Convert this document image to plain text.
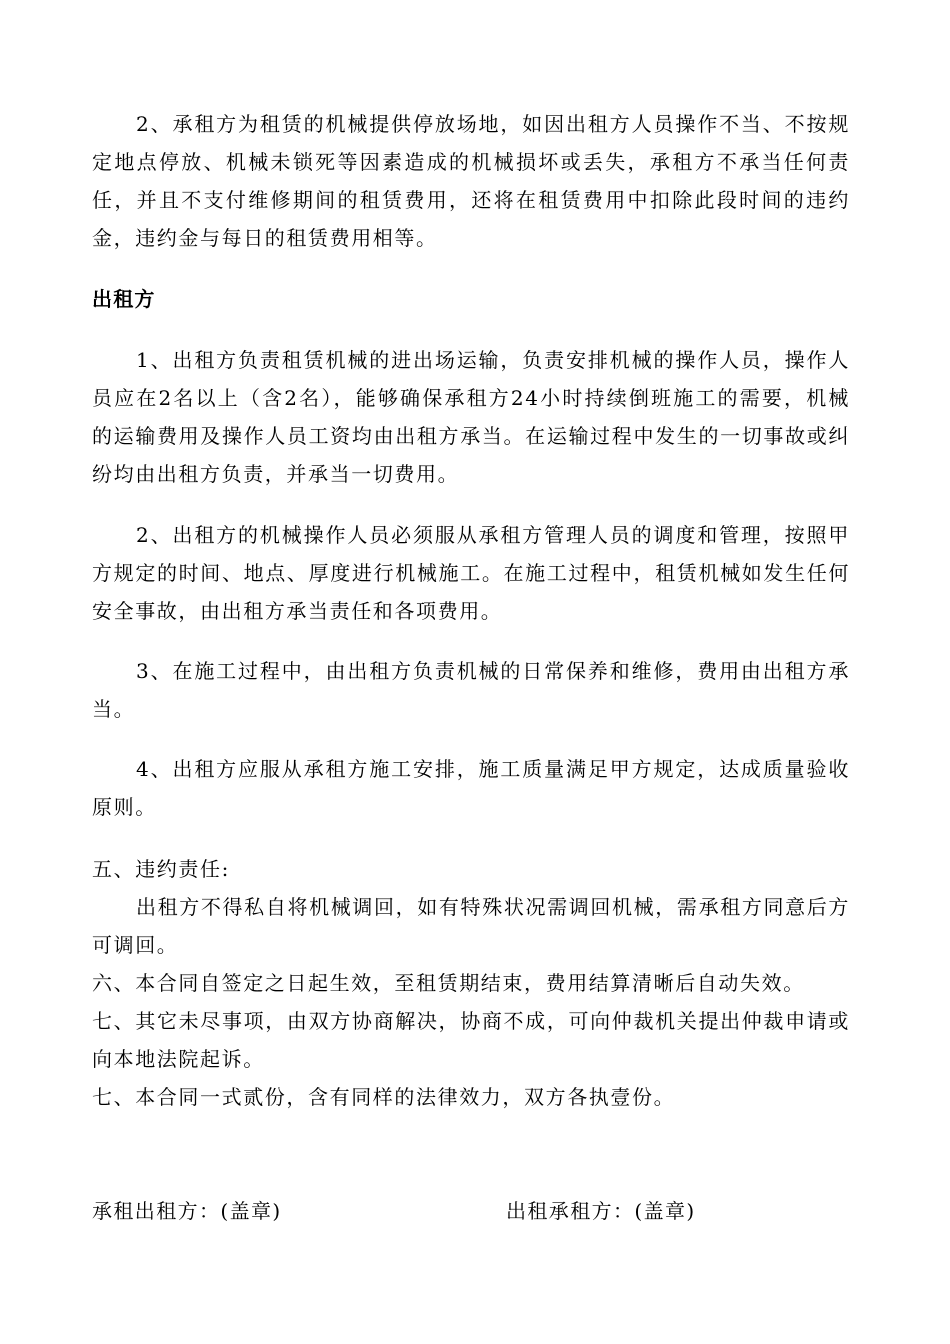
2、承租方为租赁的机械提供停放场地，如因出租方人员操作不当、不按规定地点停放、机械未锁死等因素造成的机械损坏或丢失，承租方不承当任何责任，并且不支付维修期间的租赁费用，还将在租赁费用中扣除此段时间的违约金，违约金与每日的租赁费用相等。

出租方

1、出租方负责租赁机械的进出场运输，负责安排机械的操作人员，操作人员应在2名以上（含2名），能够确保承租方24小时持续倒班施工的需要，机械的运输费用及操作人员工资均由出租方承当。在运输过程中发生的一切事故或纠纷均由出租方负责，并承当一切费用。

2、出租方的机械操作人员必须服从承租方管理人员的调度和管理，按照甲方规定的时间、地点、厚度进行机械施工。在施工过程中，租赁机械如发生任何安全事故，由出租方承当责任和各项费用。

3、在施工过程中，由出租方负责机械的日常保养和维修，费用由出租方承当。

4、出租方应服从承租方施工安排，施工质量满足甲方规定，达成质量验收原则。

五、违约责任:

出租方不得私自将机械调回，如有特殊状况需调回机械，需承租方同意后方可调回。

六、本合同自签定之日起生效，至租赁期结束，费用结算清晰后自动失效。

七、其它未尽事项，由双方协商解决，协商不成，可向仲裁机关提出仲裁申请或向本地法院起诉。

七、本合同一式贰份，含有同样的法律效力，双方各执壹份。

承租出租方：(盖章)	出租承租方：(盖章)
